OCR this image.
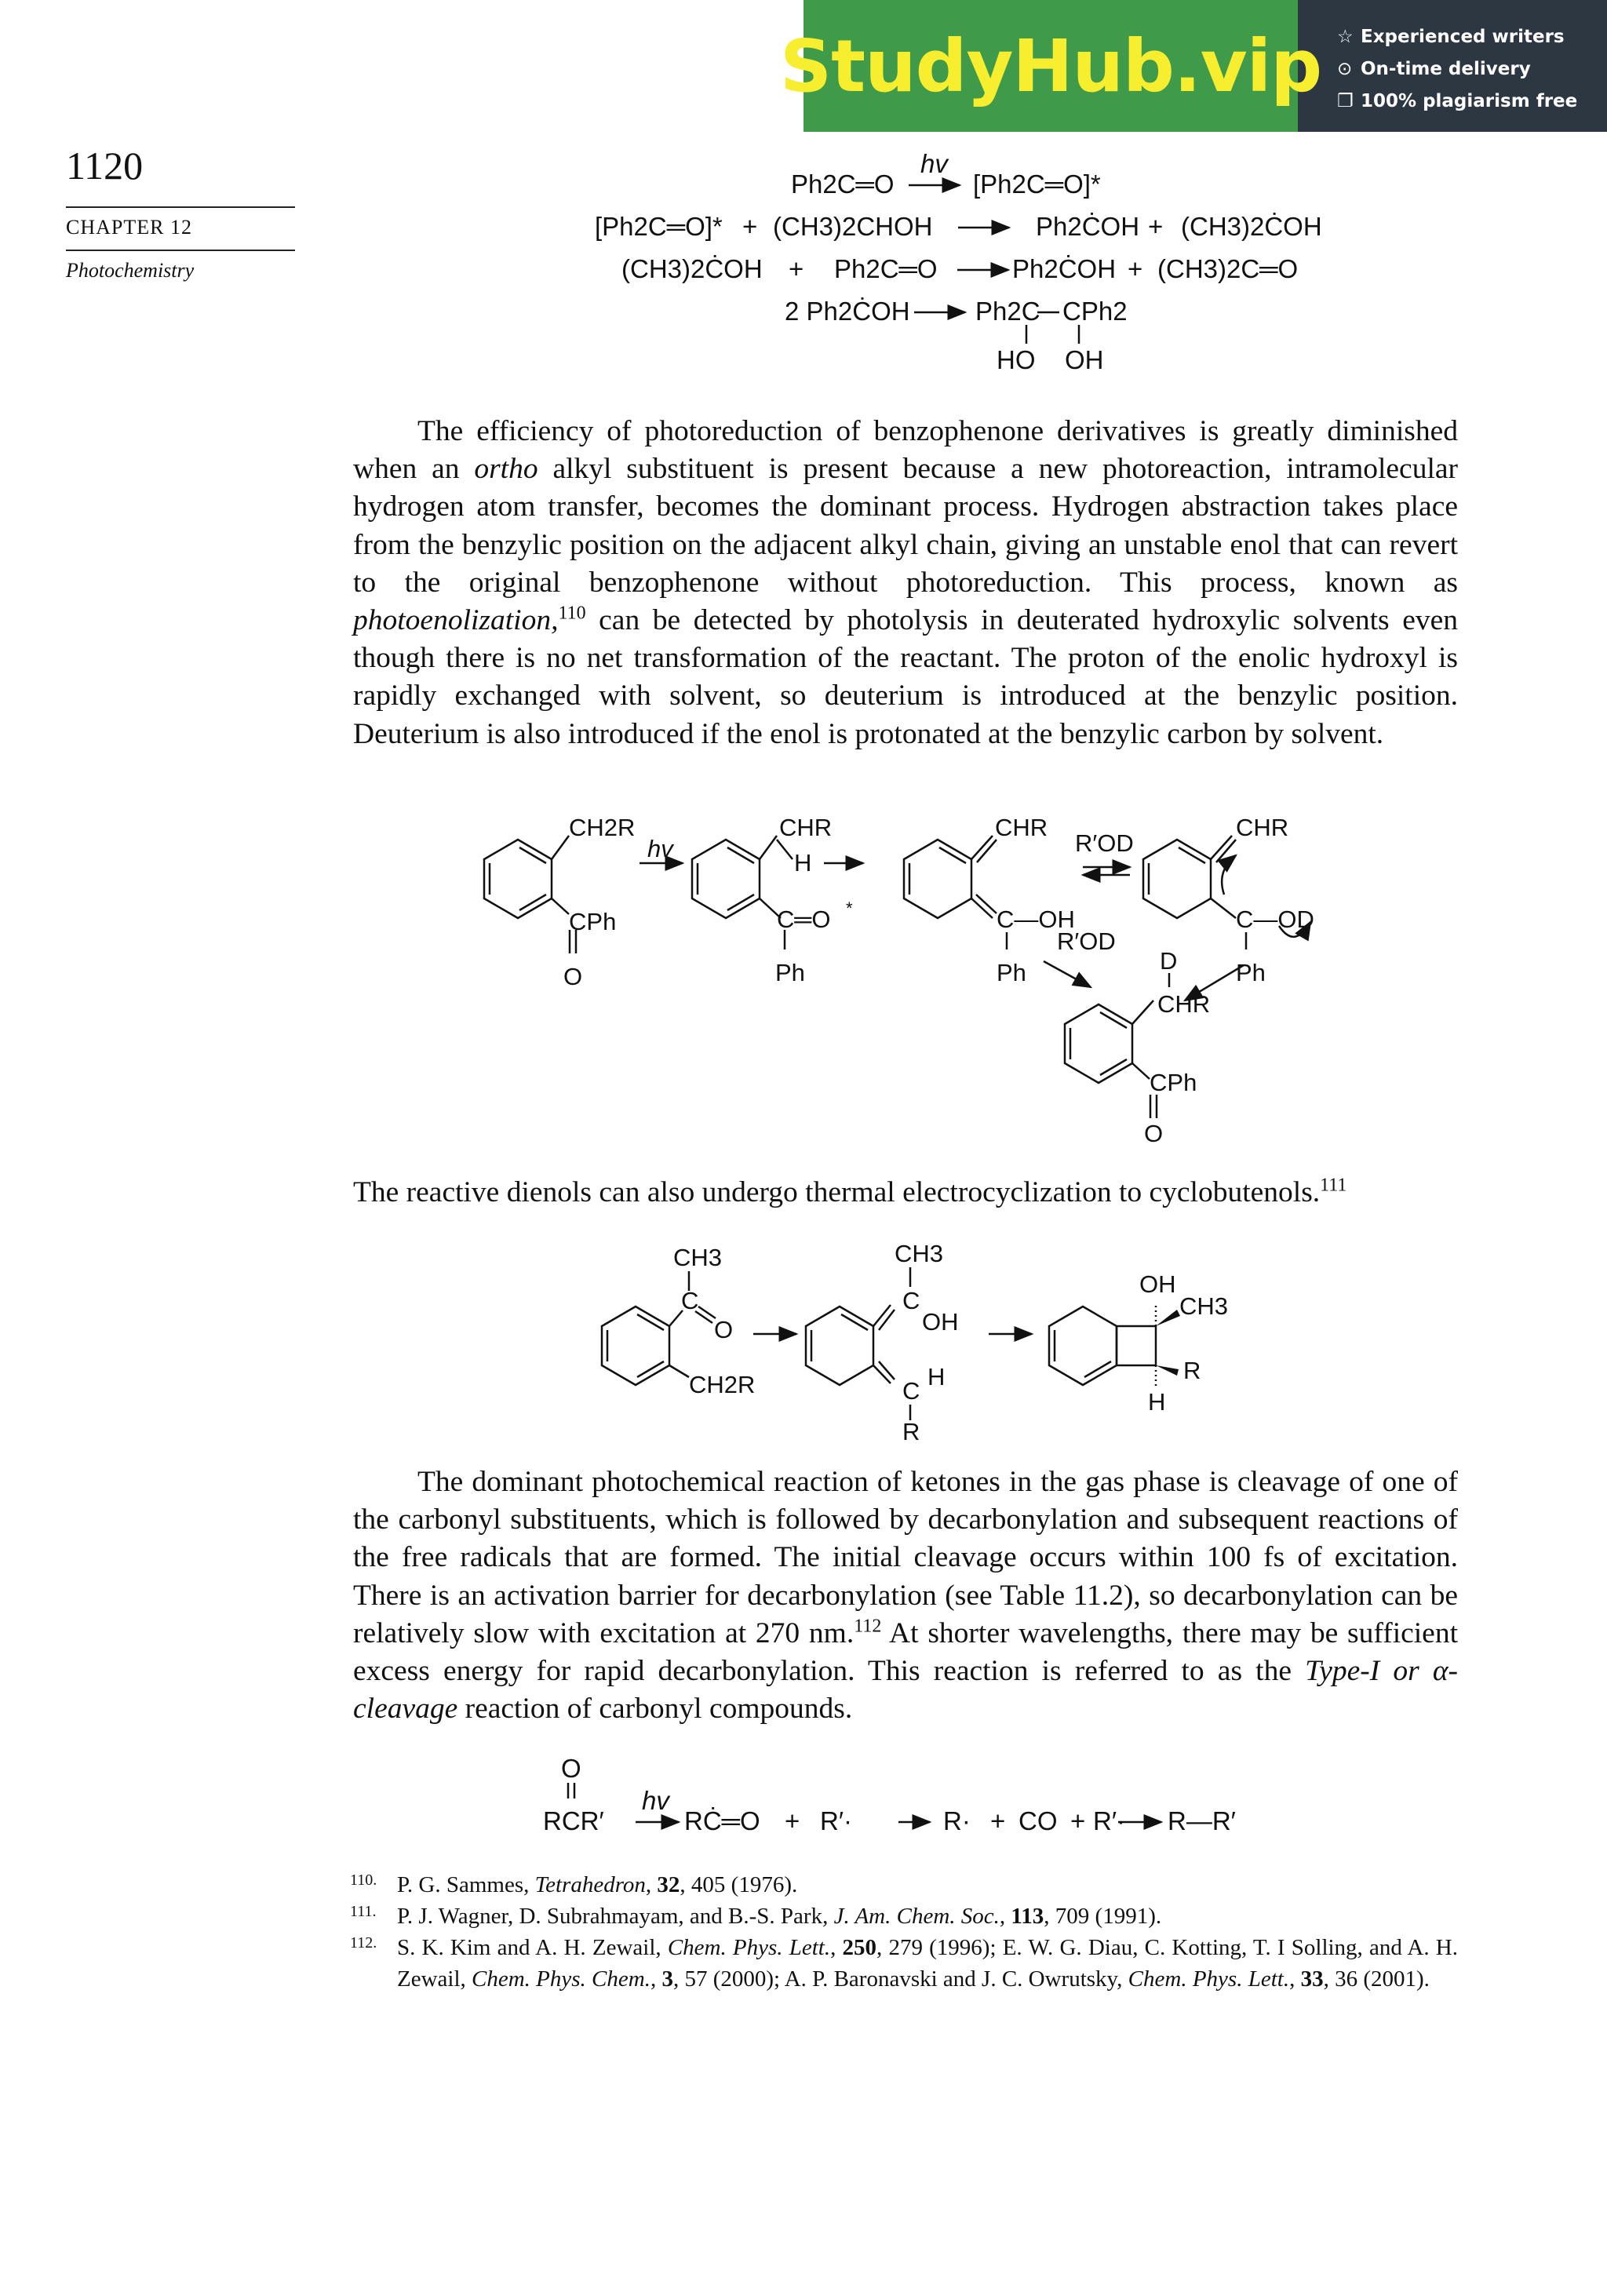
StudyHub.vip ☆ Experienced writers
⊙ On-time delivery
❐ 100% plagiarism free
1120
CHAPTER 12
Photochemistry
Ph2C═O
hv
[Ph2C═O]*
[Ph2C═O]* + (CH3)2CHOH	Ph2ĊOH + (CH3)2ĊOH
(CH3)2ĊOH + Ph2C═O	Ph2ĊOH + (CH3)2C═O
2 Ph2ĊOH	Ph2C CPh2
HO OH

The efficiency of photoreduction of benzophenone derivatives is greatly diminished when an ortho alkyl substituent is present because a new photoreaction, intramolecular hydrogen atom transfer, becomes the dominant process. Hydrogen abstraction takes place from the benzylic position on the adjacent alkyl chain, giving an unstable enol that can revert to the original benzophenone without photoreduction. This process, known as photoenolization,$^{110}$ can be detected by photolysis in deuterated hydroxylic solvents even though there is no net transformation of the reactant. The proton of the enolic hydroxyl is rapidly exchanged with solvent, so deuterium is introduced at the benzylic position. Deuterium is also introduced if the enol is protonated at the benzylic carbon by solvent.

CH2R
CPh
O
hv
CHR
H
C═O *
Ph
CHR
C—OH
Ph
R′OD
R′OD
CHR
C—OD
Ph
D
CHR
CPh
O

The reactive dienols can also undergo thermal electrocyclization to cyclobutenols.$^{111}$

CH3
C
O
CH2R
CH3
C
OH
C
H
R
OH
CH3
R
H

The dominant photochemical reaction of ketones in the gas phase is cleavage of one of the carbonyl substituents, which is followed by decarbonylation and subsequent reactions of the free radicals that are formed. The initial cleavage occurs within 100 fs of excitation. There is an activation barrier for decarbonylation (see Table 11.2), so decarbonylation can be relatively slow with excitation at 270 nm.$^{112}$ At shorter wavelengths, there may be sufficient excess energy for rapid decarbonylation. This reaction is referred to as the Type-I or α-cleavage reaction of carbonyl compounds.

O
RCR′
hv
RĊ═O + R′·	R· + CO + R′· R—R′
110. P. G. Sammes, Tetrahedron, 32, 405 (1976).
111. P. J. Wagner, D. Subrahmayam, and B.-S. Park, J. Am. Chem. Soc., 113, 709 (1991).
112. S. K. Kim and A. H. Zewail, Chem. Phys. Lett., 250, 279 (1996); E. W. G. Diau, C. Kotting, T. I Solling, and A. H. Zewail, Chem. Phys. Chem., 3, 57 (2000); A. P. Baronavski and J. C. Owrutsky, Chem. Phys. Lett., 33, 36 (2001).
